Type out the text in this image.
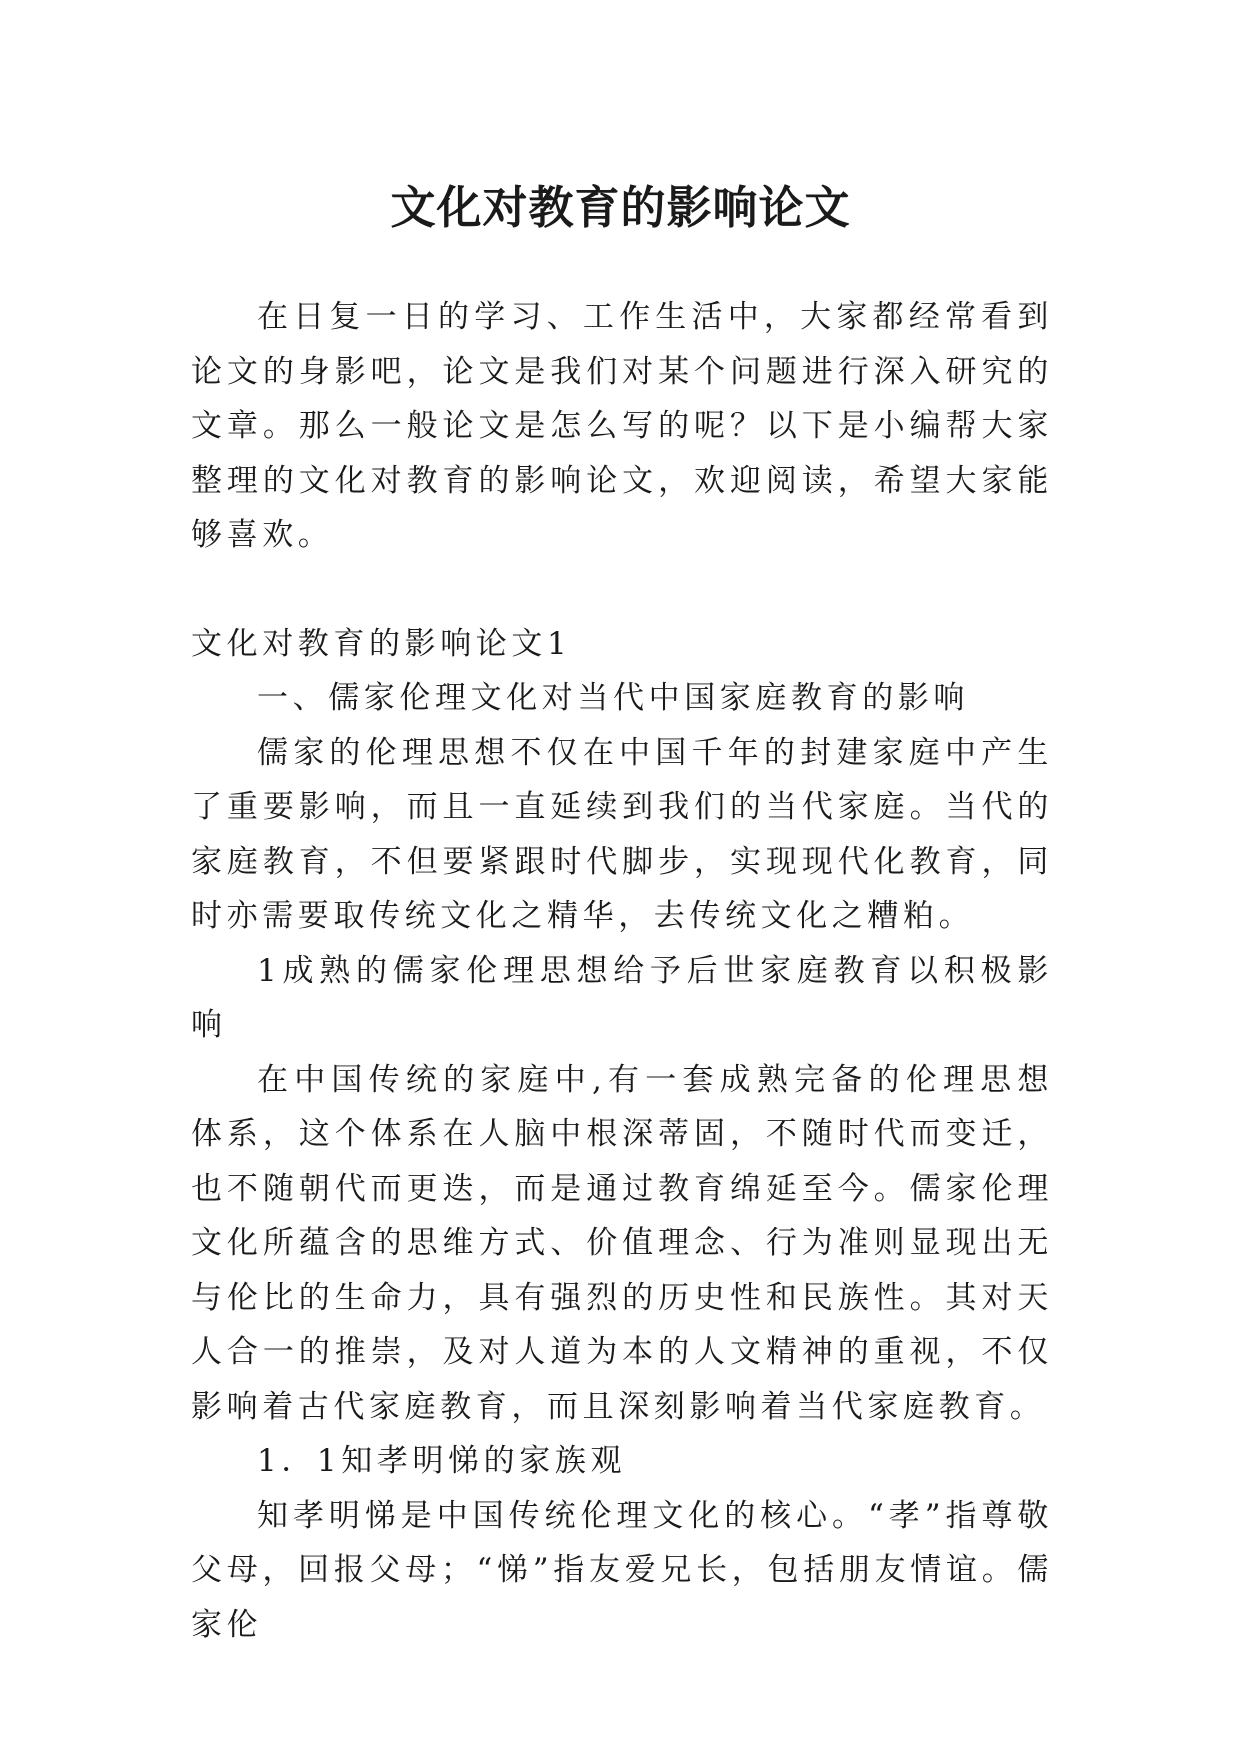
文化对教育的影响论文

在日复一日的学习、工作生活中，大家都经常看到论文的身影吧，论文是我们对某个问题进行深入研究的文章。那么一般论文是怎么写的呢？以下是小编帮大家整理的文化对教育的影响论文，欢迎阅读，希望大家能够喜欢。

文化对教育的影响论文1

一、儒家伦理文化对当代中国家庭教育的影响

儒家的伦理思想不仅在中国千年的封建家庭中产生了重要影响，而且一直延续到我们的当代家庭。当代的家庭教育，不但要紧跟时代脚步，实现现代化教育，同时亦需要取传统文化之精华，去传统文化之糟粕。

1成熟的儒家伦理思想给予后世家庭教育以积极影响

在中国传统的家庭中,有一套成熟完备的伦理思想体系，这个体系在人脑中根深蒂固，不随时代而变迁，也不随朝代而更迭，而是通过教育绵延至今。儒家伦理文化所蕴含的思维方式、价值理念、行为准则显现出无与伦比的生命力，具有强烈的历史性和民族性。其对天人合一的推崇，及对人道为本的人文精神的重视，不仅影响着古代家庭教育，而且深刻影响着当代家庭教育。

1．1知孝明悌的家族观

知孝明悌是中国传统伦理文化的核心。“孝”指尊敬父母，回报父母；“悌”指友爱兄长，包括朋友情谊。儒家伦
